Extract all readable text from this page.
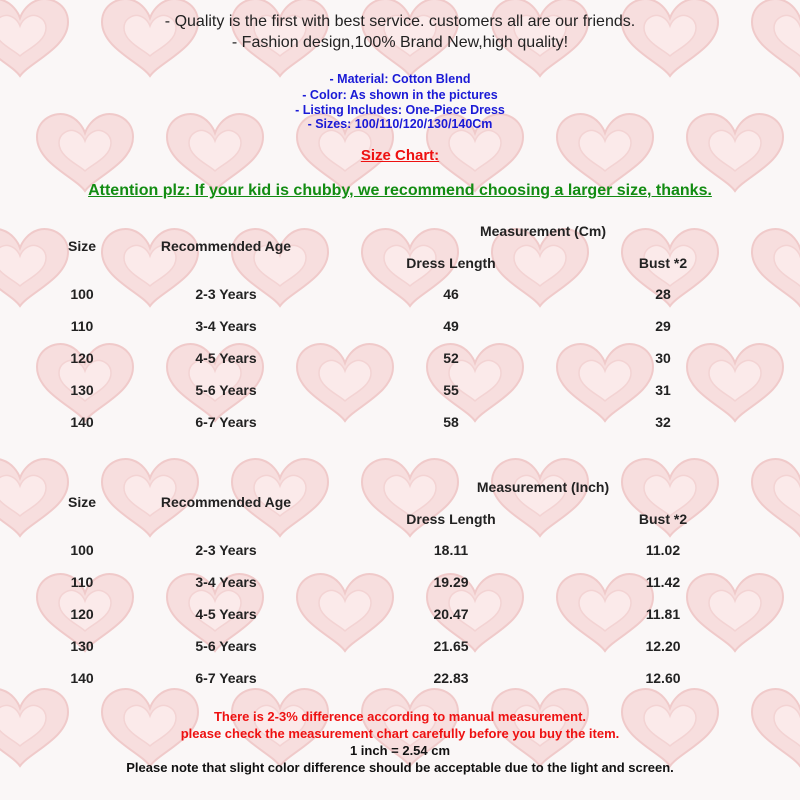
- Quality is the first with best service. customers all are our friends.
- Fashion design,100% Brand New,high quality!
- Material: Cotton Blend
- Color: As shown in the pictures
- Listing Includes: One-Piece Dress
- Sizes: 100/110/120/130/140Cm
Size Chart:
Attention plz: If your kid is chubby, we recommend choosing a larger size, thanks.
Size	Recommended Age
Measurement (Cm)
Dress Length	Bust *2
100	2-3 Years	46	28
110	3-4 Years	49	29
120	4-5 Years	52	30
130	5-6 Years	55	31
140	6-7 Years	58	32
Size	Recommended Age
Measurement (Inch)
Dress Length	Bust *2
100	2-3 Years	18.11	11.02
110	3-4 Years	19.29	11.42
120	4-5 Years	20.47	11.81
130	5-6 Years	21.65	12.20
140	6-7 Years	22.83	12.60
There is 2-3% difference according to manual measurement.
please check the measurement chart carefully before you buy the item.
1 inch = 2.54 cm
Please note that slight color difference should be acceptable due to the light and screen.
